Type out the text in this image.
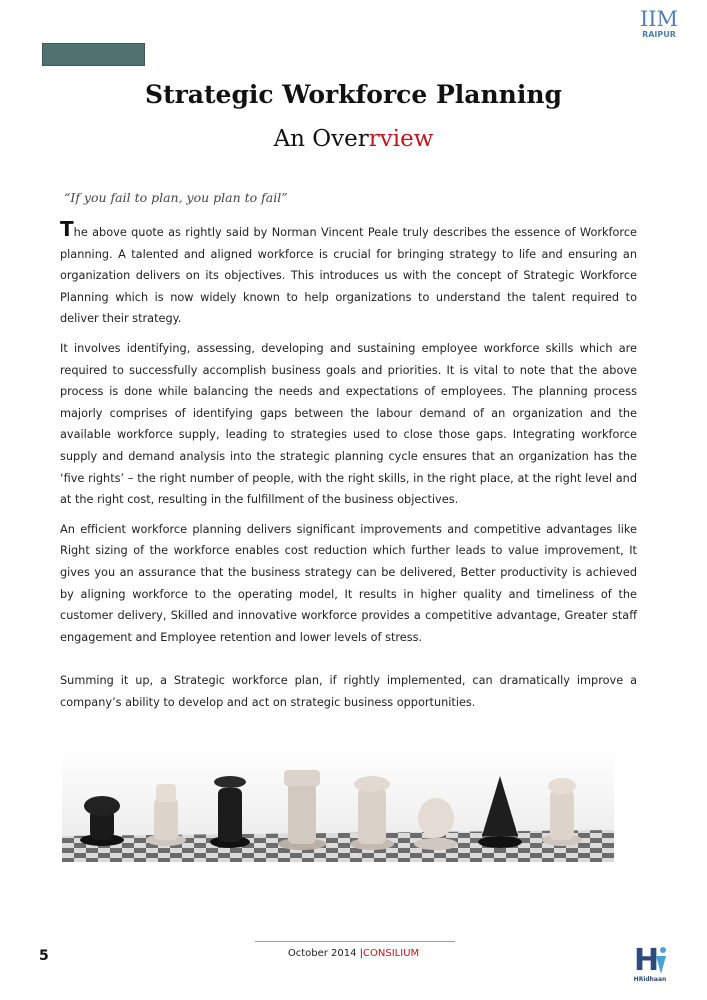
IIM
RAIPUR
Strategic Workforce Planning
An Overrview
“If you fail to plan, you plan to fail”

The above quote as rightly said by Norman Vincent Peale truly describes the essence of Workforce planning. A talented and aligned workforce is crucial for bringing strategy to life and ensuring an organization delivers on its objectives. This introduces us with the concept of Strategic Workforce Planning which is now widely known to help organizations to understand the talent required to deliver their strategy.

It involves identifying, assessing, developing and sustaining employee workforce skills which are required to successfully accomplish business goals and priorities. It is vital to note that the above process is done while balancing the needs and expectations of employees. The planning process majorly comprises of identifying gaps between the labour demand of an organization and the available workforce supply, leading to strategies used to close those gaps. Integrating workforce supply and demand analysis into the strategic planning cycle ensures that an organization has the ‘five rights’ – the right number of people, with the right skills, in the right place, at the right level and at the right cost, resulting in the fulfillment of the business objectives.

An efficient workforce planning delivers significant improvements and competitive advantages like Right sizing of the workforce enables cost reduction which further leads to value improvement, It gives you an assurance that the business strategy can be delivered, Better productivity is achieved by aligning workforce to the operating model, It results in higher quality and timeliness of the customer delivery, Skilled and innovative workforce provides a competitive advantage, Greater staff engagement and Employee retention and lower levels of stress.

Summing it up, a Strategic workforce plan, if rightly implemented, can dramatically improve a company’s ability to develop and act on strategic business opportunities.

5	October 2014 |CONSILIUM	H
HRidhaan
